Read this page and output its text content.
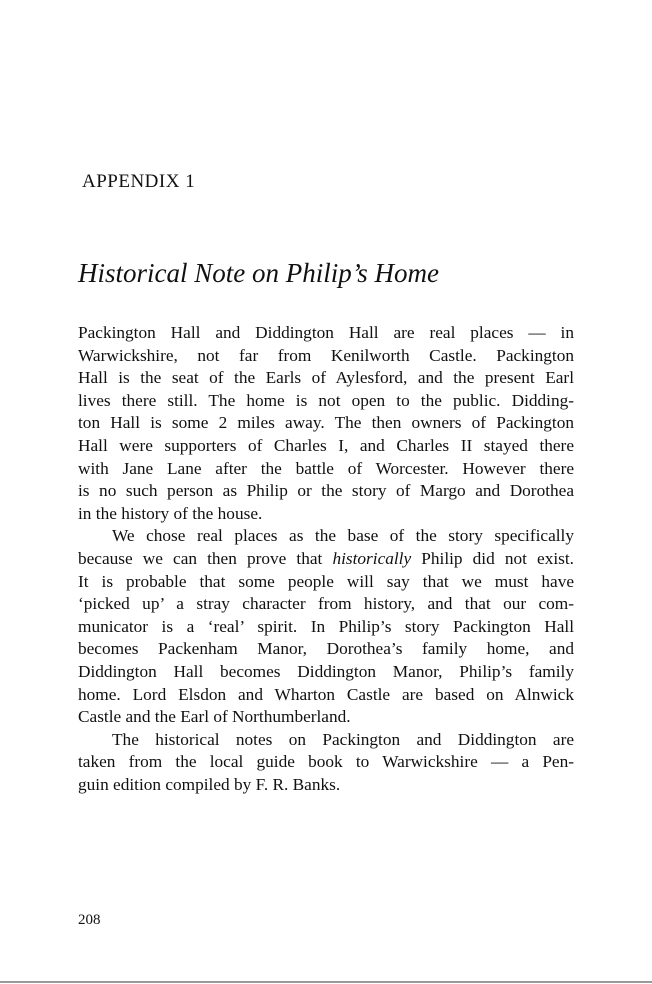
APPENDIX 1
Historical Note on Philip’s Home
Packington Hall and Diddington Hall are real places — in
Warwickshire, not far from Kenilworth Castle. Packington
Hall is the seat of the Earls of Aylesford, and the present Earl
lives there still. The home is not open to the public. Didding-
ton Hall is some 2 miles away. The then owners of Packington
Hall were supporters of Charles I, and Charles II stayed there
with Jane Lane after the battle of Worcester. However there
is no such person as Philip or the story of Margo and Dorothea
in the history of the house.
We chose real places as the base of the story specifically
because we can then prove that historically Philip did not exist.
It is probable that some people will say that we must have
‘picked up’ a stray character from history, and that our com-
municator is a ‘real’ spirit. In Philip’s story Packington Hall
becomes Packenham Manor, Dorothea’s family home, and
Diddington Hall becomes Diddington Manor, Philip’s family
home. Lord Elsdon and Wharton Castle are based on Alnwick
Castle and the Earl of Northumberland.
The historical notes on Packington and Diddington are
taken from the local guide book to Warwickshire — a Pen-
guin edition compiled by F. R. Banks.
208
